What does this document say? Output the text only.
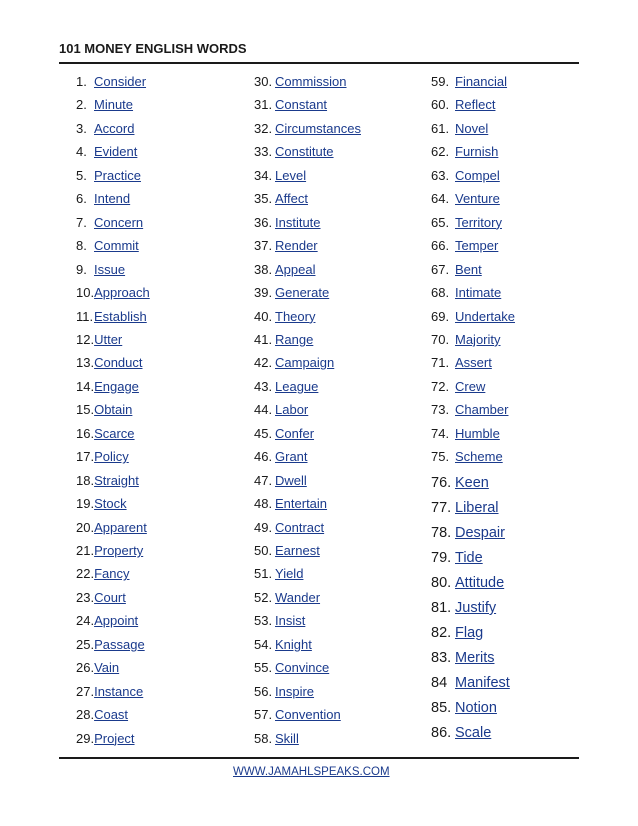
101 MONEY ENGLISH WORDS
1. Consider
2. Minute
3. Accord
4. Evident
5. Practice
6. Intend
7. Concern
8. Commit
9. Issue
10.Approach
11.Establish
12.Utter
13.Conduct
14.Engage
15.Obtain
16.Scarce
17.Policy
18.Straight
19.Stock
20.Apparent
21.Property
22.Fancy
23.Court
24.Appoint
25.Passage
26.Vain
27.Instance
28.Coast
29.Project
30. Commission
31. Constant
32. Circumstances
33. Constitute
34. Level
35. Affect
36. Institute
37. Render
38. Appeal
39. Generate
40. Theory
41. Range
42. Campaign
43. League
44. Labor
45. Confer
46. Grant
47. Dwell
48. Entertain
49. Contract
50. Earnest
51. Yield
52. Wander
53. Insist
54. Knight
55. Convince
56. Inspire
57. Convention
58. Skill
59. Financial
60. Reflect
61. Novel
62. Furnish
63. Compel
64. Venture
65. Territory
66. Temper
67. Bent
68. Intimate
69. Undertake
70. Majority
71. Assert
72. Crew
73. Chamber
74. Humble
75. Scheme
76. Keen
77. Liberal
78. Despair
79. Tide
80. Attitude
81. Justify
82. Flag
83. Merits
84 Manifest
85. Notion
86. Scale
WWW.JAMAHLSPEAKS.COM
